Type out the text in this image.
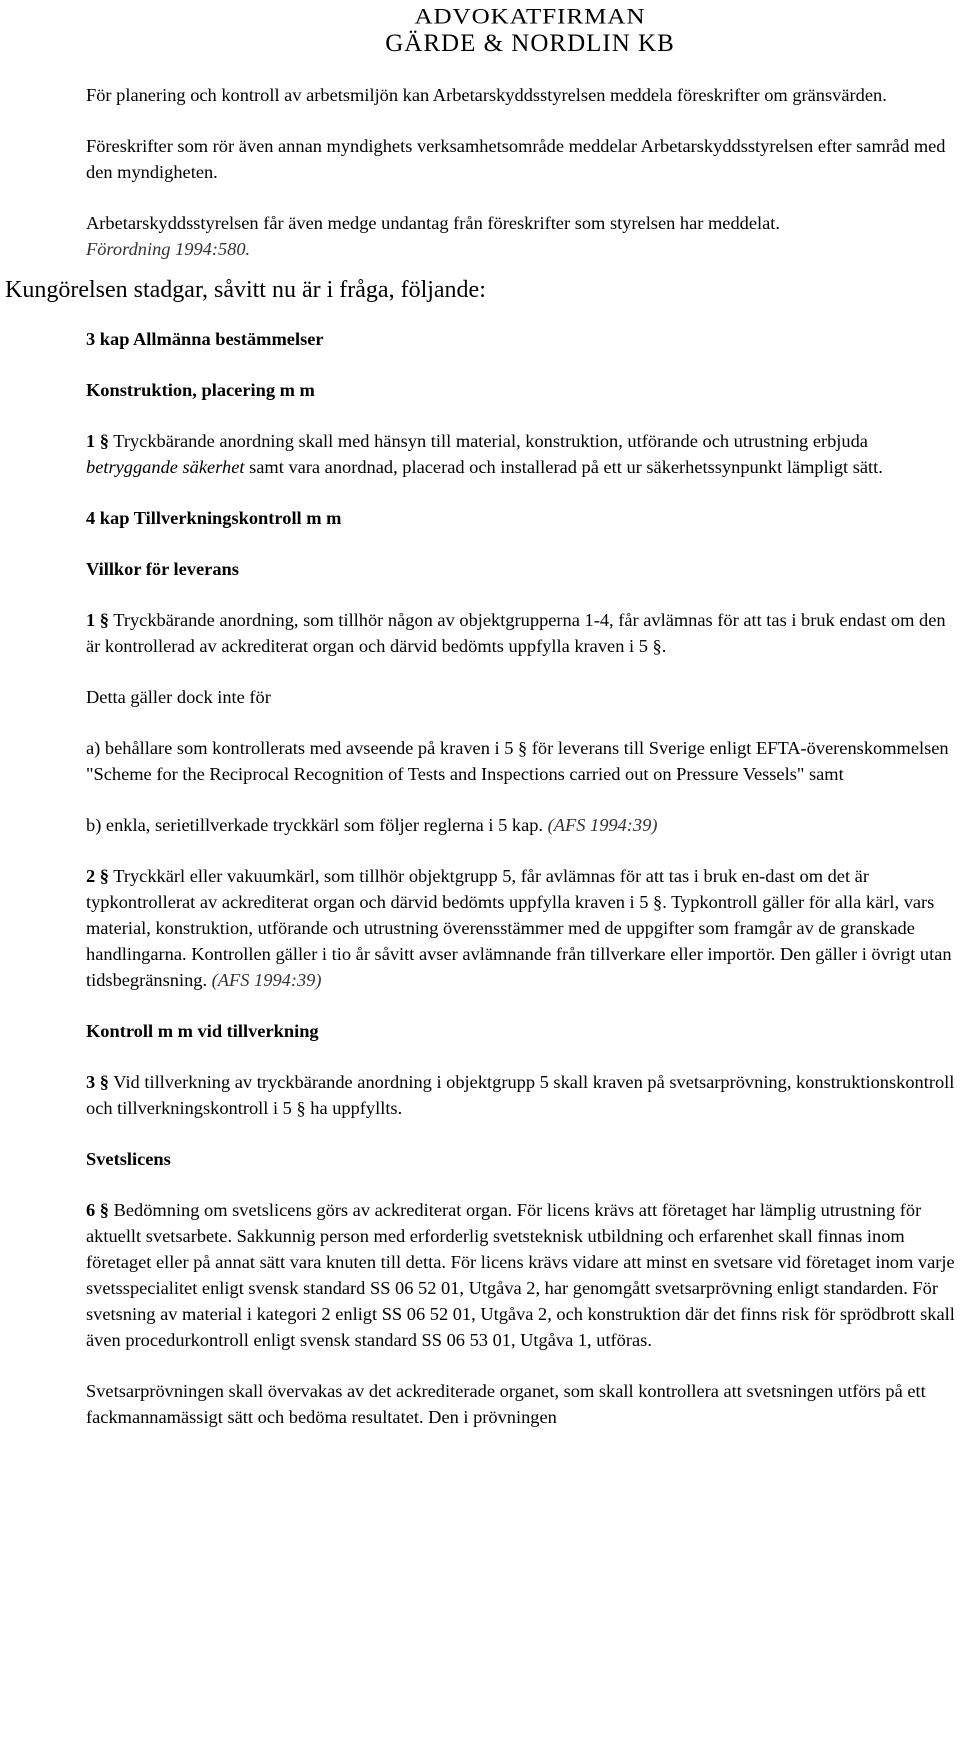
ADVOKATFIRMAN
GÄRDE & NORDLIN KB

För planering och kontroll av arbetsmiljön kan Arbetarskyddsstyrelsen meddela föreskrifter om gränsvärden.

Föreskrifter som rör även annan myndighets verksamhetsområde meddelar Arbetarskyddsstyrelsen efter samråd med den myndigheten.

Arbetarskyddsstyrelsen får även medge undantag från föreskrifter som styrelsen har meddelat.

Förordning 1994:580.

Kungörelsen stadgar, såvitt nu är i fråga, följande:

3 kap Allmänna bestämmelser

Konstruktion, placering m m

1 § Tryckbärande anordning skall med hänsyn till material, konstruktion, utförande och utrustning erbjuda betryggande säkerhet samt vara anordnad, placerad och installerad på ett ur säkerhetssynpunkt lämpligt sätt.

4 kap Tillverkningskontroll m m

Villkor för leverans

1 § Tryckbärande anordning, som tillhör någon av objektgrupperna 1-4, får avlämnas för att tas i bruk endast om den är kontrollerad av ackrediterat organ och därvid bedömts uppfylla kraven i 5 §.

Detta gäller dock inte för

a) behållare som kontrollerats med avseende på kraven i 5 § för leverans till Sverige enligt EFTA-överenskommelsen "Scheme for the Reciprocal Recognition of Tests and Inspections carried out on Pressure Vessels" samt

b) enkla, serietillverkade tryckkärl som följer reglerna i 5 kap. (AFS 1994:39)

2 § Tryckkärl eller vakuumkärl, som tillhör objektgrupp 5, får avlämnas för att tas i bruk en-dast om det är typkontrollerat av ackrediterat organ och därvid bedömts uppfylla kraven i 5 §. Typkontroll gäller för alla kärl, vars material, konstruktion, utförande och utrustning överensstämmer med de uppgifter som framgår av de granskade handlingarna. Kontrollen gäller i tio år såvitt avser avlämnande från tillverkare eller importör. Den gäller i övrigt utan tidsbegränsning. (AFS 1994:39)

Kontroll m m vid tillverkning

3 § Vid tillverkning av tryckbärande anordning i objektgrupp 5 skall kraven på svetsarprövning, konstruktionskontroll och tillverkningskontroll i 5 § ha uppfyllts.

Svetslicens

6 § Bedömning om svetslicens görs av ackrediterat organ. För licens krävs att företaget har lämplig utrustning för aktuellt svetsarbete. Sakkunnig person med erforderlig svetsteknisk utbildning och erfarenhet skall finnas inom företaget eller på annat sätt vara knuten till detta. För licens krävs vidare att minst en svetsare vid företaget inom varje svetsspecialitet enligt svensk standard SS 06 52 01, Utgåva 2, har genomgått svetsarprövning enligt standarden. För svetsning av material i kategori 2 enligt SS 06 52 01, Utgåva 2, och konstruktion där det finns risk för sprödbrott skall även procedurkontroll enligt svensk standard SS 06 53 01, Utgåva 1, utföras.

Svetsarprövningen skall övervakas av det ackrediterade organet, som skall kontrollera att svetsningen utförs på ett fackmannamässigt sätt och bedöma resultatet. Den i prövningen
